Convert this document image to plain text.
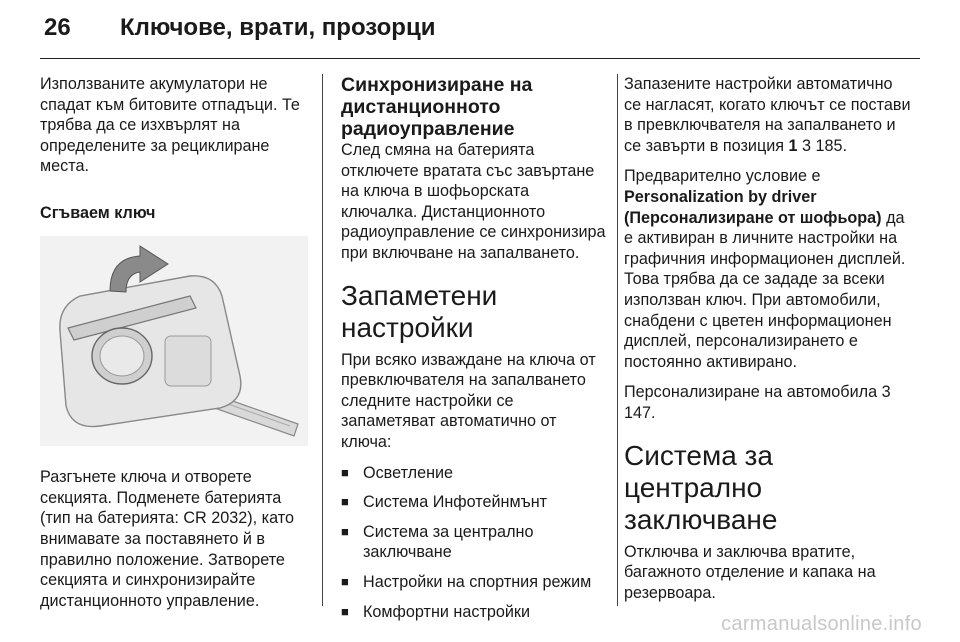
26 Ключове, врати, прозорци

Използваните акумулатори не спадат към битовите отпадъци. Те трябва да се изхвърлят на определените за рециклиране места.

Сгъваем ключ

Разгънете ключа и отворете секцията. Подменете батерията (тип на батерията: CR 2032), като внимавате за поставянето й в правилно положение. Затворете секцията и синхронизирайте дистанционното управление.

Синхронизиране на дистанционното радиоуправление

След смяна на батерията отключете вратата със завъртане на ключа в шофьорската ключалка. Дистанционното радиоуправление се синхронизира при включване на запалването.

Запаметени настройки

При всяко изваждане на ключа от превключвателя на запалването следните настройки се запаметяват автоматично от ключа:

■ Осветление
■ Система Инфотейнмънт
■ Система за централно заключване
■ Настройки на спортния режим
■ Комфортни настройки

Запазените настройки автоматично се нагласят, когато ключът се постави в превключвателя на запалването и се завърти в позиция 1 3 185.

Предварително условие е Personalization by driver (Персонализиране от шофьора) да е активиран в личните настройки на графичния информационен дисплей. Това трябва да се зададе за всеки използван ключ. При автомобили, снабдени с цветен информационен дисплей, персонализирането е постоянно активирано.

Персонализиране на автомобила 3 147.

Система за централно заключване

Отключва и заключва вратите, багажното отделение и капака на резервоара.

carmanualsonline.info
